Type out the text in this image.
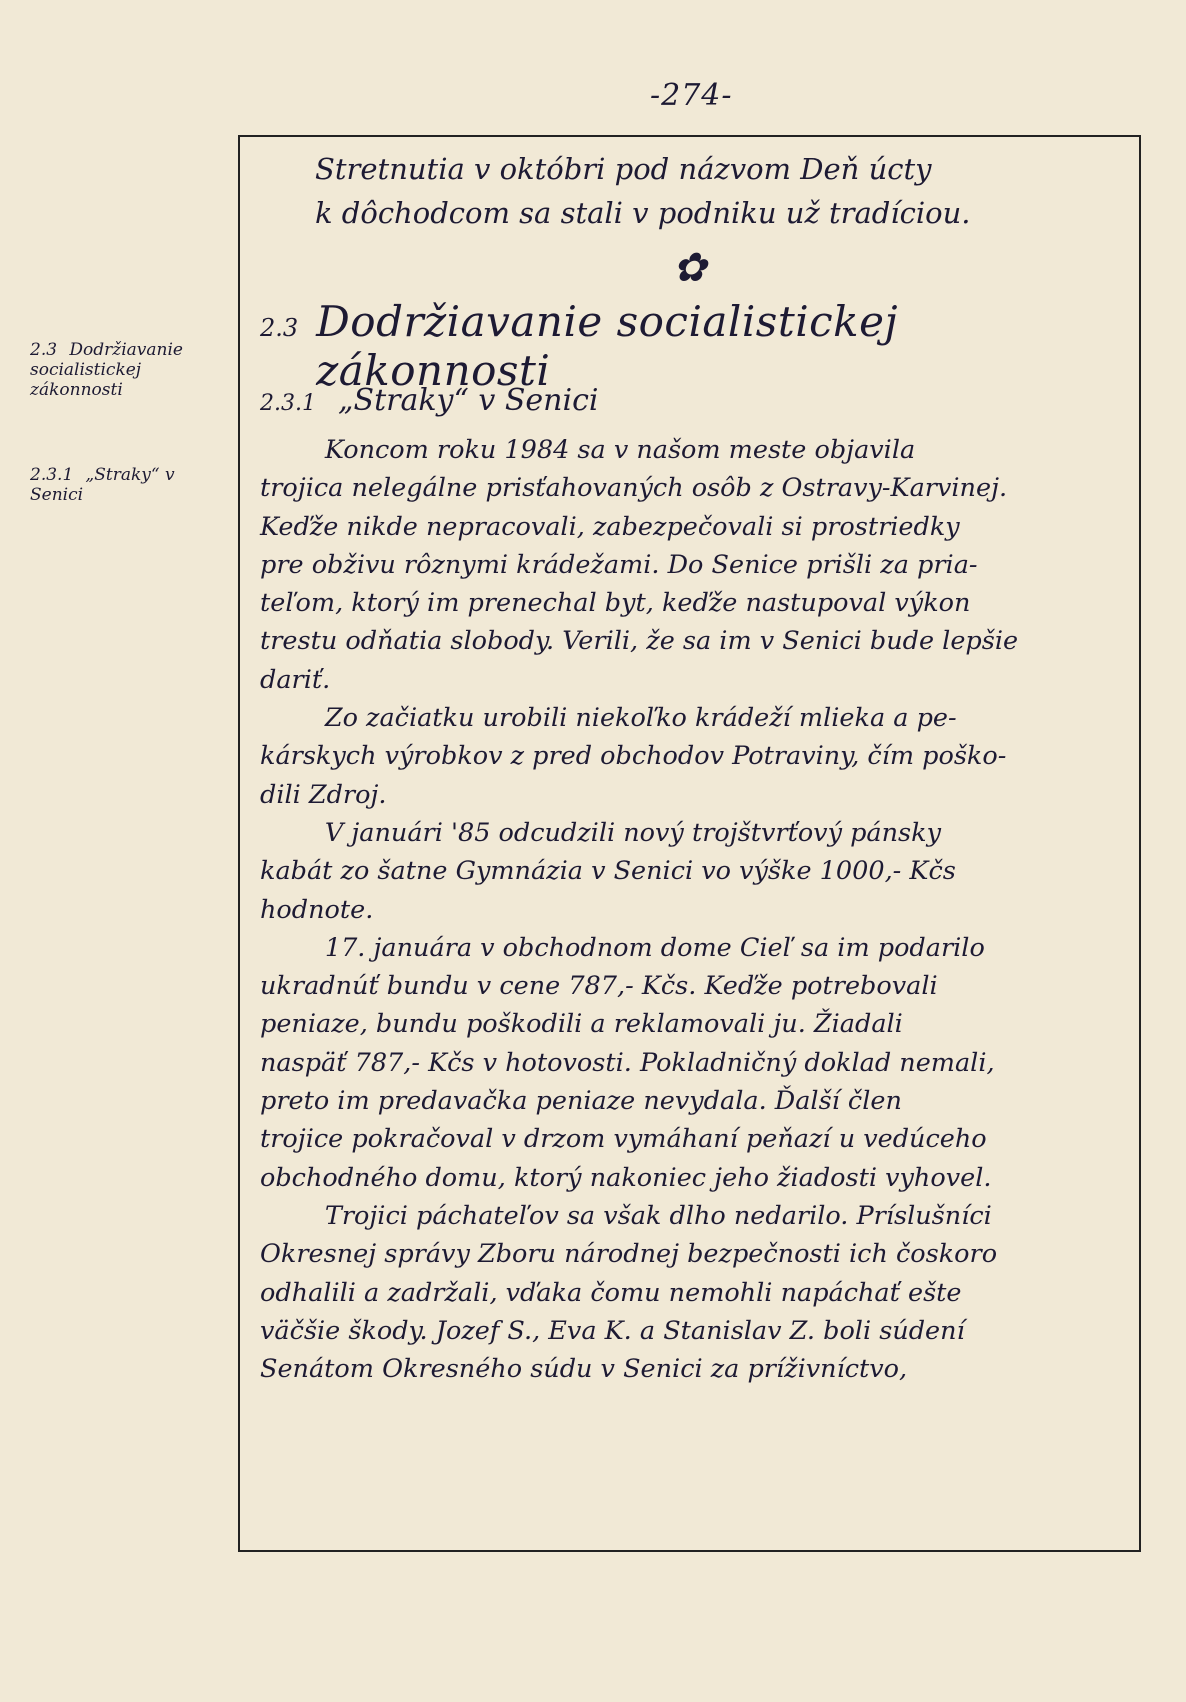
-274-
2.3 Dodržiavanie socialistickej zákonnosti
2.3.1 „Straky“ v Senici

Stretnutia v októbri pod názvom Deň úcty
k dôchodcom sa stali v podniku už tradíciou.

✿
2.3 Dodržiavanie socialistickej zákonnosti
2.3.1 „Straky“ v Senici
Koncom roku 1984 sa v našom meste objavila
trojica nelegálne prisťahovaných osôb z Ostravy-Karvinej.
Keďže nikde nepracovali, zabezpečovali si prostriedky
pre obživu rôznymi krádežami. Do Senice prišli za pria-
teľom, ktorý im prenechal byt, keďže nastupoval výkon
trestu odňatia slobody. Verili, že sa im v Senici bude lepšie
dariť.
Zo začiatku urobili niekoľko krádeží mlieka a pe-
kárskych výrobkov z pred obchodov Potraviny, čím poško-
dili Zdroj.
V januári '85 odcudzili nový trojštvrťový pánsky
kabát zo šatne Gymnázia v Senici vo výške 1000,- Kčs
hodnote.
17. januára v obchodnom dome Cieľ sa im podarilo
ukradnúť bundu v cene 787,- Kčs. Keďže potrebovali
peniaze, bundu poškodili a reklamovali ju. Žiadali
naspäť 787,- Kčs v hotovosti. Pokladničný doklad nemali,
preto im predavačka peniaze nevydala. Ďalší člen
trojice pokračoval v drzom vymáhaní peňazí u vedúceho
obchodného domu, ktorý nakoniec jeho žiadosti vyhovel.
Trojici páchateľov sa však dlho nedarilo. Príslušníci
Okresnej správy Zboru národnej bezpečnosti ich čoskoro
odhalili a zadržali, vďaka čomu nemohli napáchať ešte
väčšie škody. Jozef S., Eva K. a Stanislav Z. boli súdení
Senátom Okresného súdu v Senici za príživníctvo,
